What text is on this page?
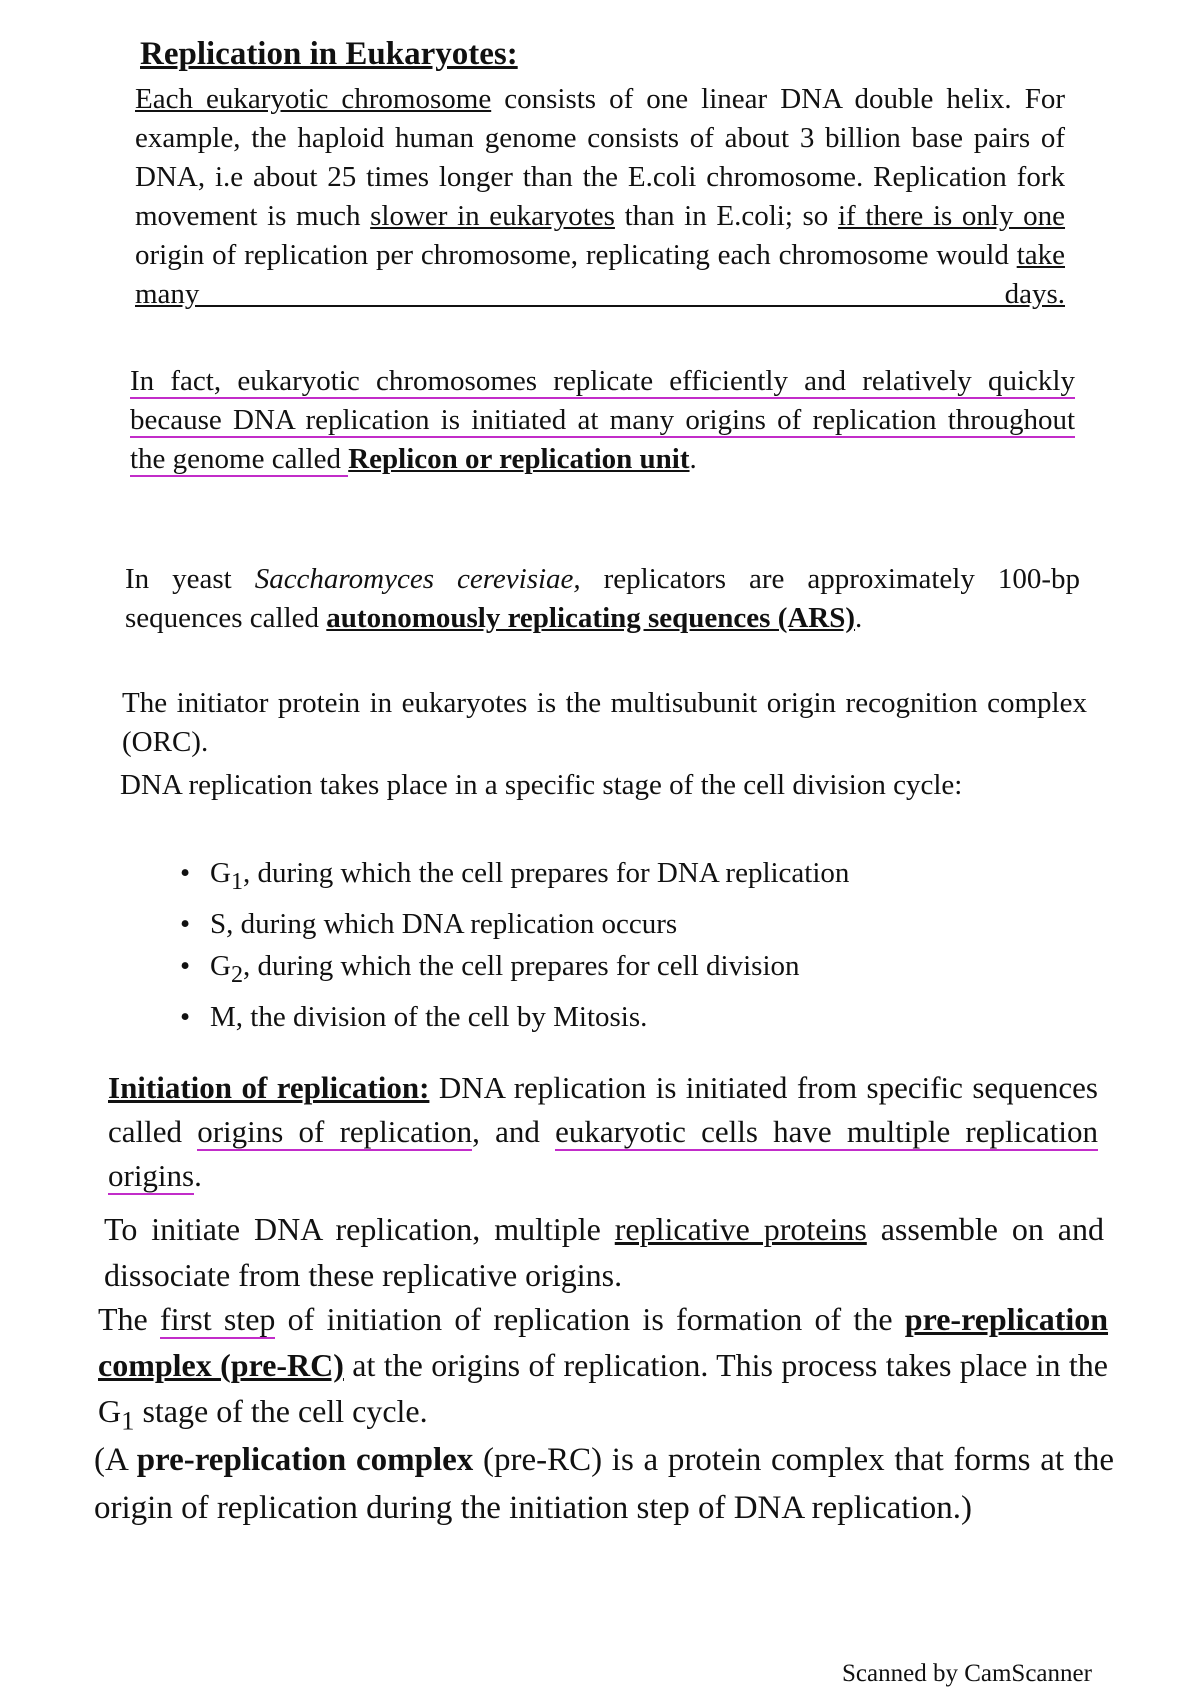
Replication in Eukaryotes:
Each eukaryotic chromosome consists of one linear DNA double helix. For example, the haploid human genome consists of about 3 billion base pairs of DNA, i.e about 25 times longer than the E.coli chromosome. Replication fork movement is much slower in eukaryotes than in E.coli; so if there is only one origin of replication per chromosome, replicating each chromosome would take many days.
In fact, eukaryotic chromosomes replicate efficiently and relatively quickly because DNA replication is initiated at many origins of replication throughout the genome called Replicon or replication unit.
In yeast Saccharomyces cerevisiae, replicators are approximately 100-bp sequences called autonomously replicating sequences (ARS).
The initiator protein in eukaryotes is the multisubunit origin recognition complex (ORC).
DNA replication takes place in a specific stage of the cell division cycle:
• $G_1$, during which the cell prepares for DNA replication
• S, during which DNA replication occurs
• $G_2$, during which the cell prepares for cell division
• M, the division of the cell by Mitosis.
Initiation of replication: DNA replication is initiated from specific sequences called origins of replication, and eukaryotic cells have multiple replication origins.
To initiate DNA replication, multiple replicative proteins assemble on and dissociate from these replicative origins.
The first step of initiation of replication is formation of the pre-replication complex (pre-RC) at the origins of replication. This process takes place in the $G_1$ stage of the cell cycle.
(A pre-replication complex (pre-RC) is a protein complex that forms at the origin of replication during the initiation step of DNA replication.)
Scanned by CamScanner
